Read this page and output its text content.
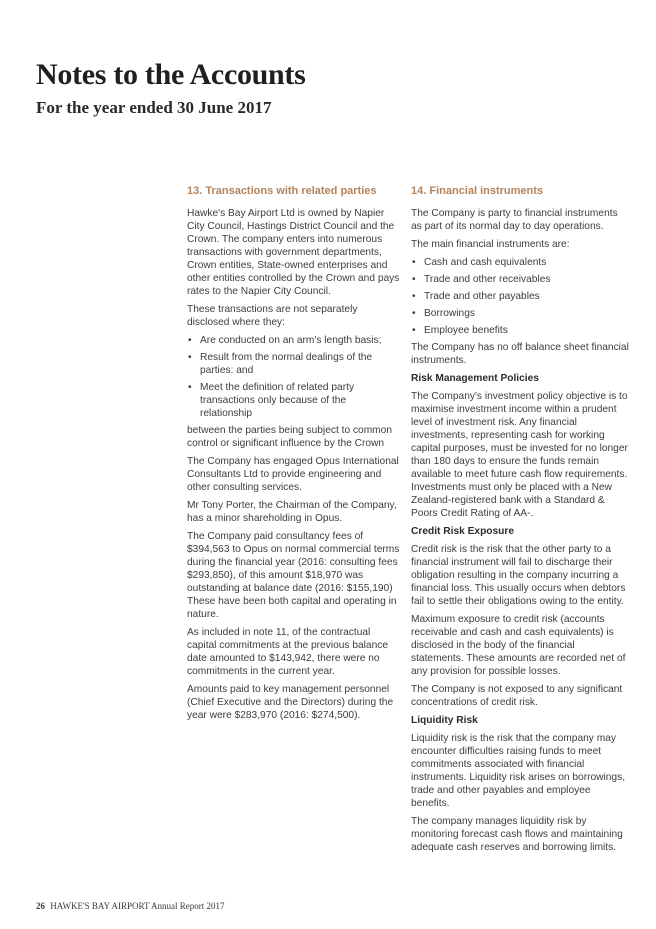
Notes to the Accounts
For the year ended 30 June 2017
13. Transactions with related parties

Hawke's Bay Airport Ltd is owned by Napier City Council, Hastings District Council and the Crown. The company enters into numerous transactions with government departments, Crown entities, State-owned enterprises and other entities controlled by the Crown and pays rates to the Napier City Council.

These transactions are not separately disclosed where they:

• Are conducted on an arm's length basis;
• Result from the normal dealings of the parties: and
• Meet the definition of related party transactions only because of the relationship

between the parties being subject to common control or significant influence by the Crown

The Company has engaged Opus International Consultants Ltd to provide engineering and other consulting services.

Mr Tony Porter, the Chairman of the Company, has a minor shareholding in Opus.

The Company paid consultancy fees of $394,563 to Opus on normal commercial terms during the financial year (2016: consulting fees $293,850), of this amount $18,970 was outstanding at balance date (2016: $155,190) These have been both capital and operating in nature.

As included in note 11, of the contractual capital commitments at the previous balance date amounted to $143,942, there were no commitments in the current year.

Amounts paid to key management personnel (Chief Executive and the Directors) during the year were $283,970 (2016: $274,500).

14. Financial instruments

The Company is party to financial instruments as part of its normal day to day operations.

The main financial instruments are:

• Cash and cash equivalents
• Trade and other receivables
• Trade and other payables
• Borrowings
• Employee benefits

The Company has no off balance sheet financial instruments.

Risk Management Policies

The Company's investment policy objective is to maximise investment income within a prudent level of investment risk. Any financial investments, representing cash for working capital purposes, must be invested for no longer than 180 days to ensure the funds remain available to meet future cash flow requirements. Investments must only be placed with a New Zealand-registered bank with a Standard & Poors Credit Rating of AA-.

Credit Risk Exposure

Credit risk is the risk that the other party to a financial instrument will fail to discharge their obligation resulting in the company incurring a financial loss. This usually occurs when debtors fail to settle their obligations owing to the entity.

Maximum exposure to credit risk (accounts receivable and cash and cash equivalents) is disclosed in the body of the financial statements. These amounts are recorded net of any provision for possible losses.

The Company is not exposed to any significant concentrations of credit risk.

Liquidity Risk

Liquidity risk is the risk that the company may encounter difficulties raising funds to meet commitments associated with financial instruments. Liquidity risk arises on borrowings, trade and other payables and employee benefits.

The company manages liquidity risk by monitoring forecast cash flows and maintaining adequate cash reserves and borrowing limits.

26 HAWKE'S BAY AIRPORT Annual Report 2017
